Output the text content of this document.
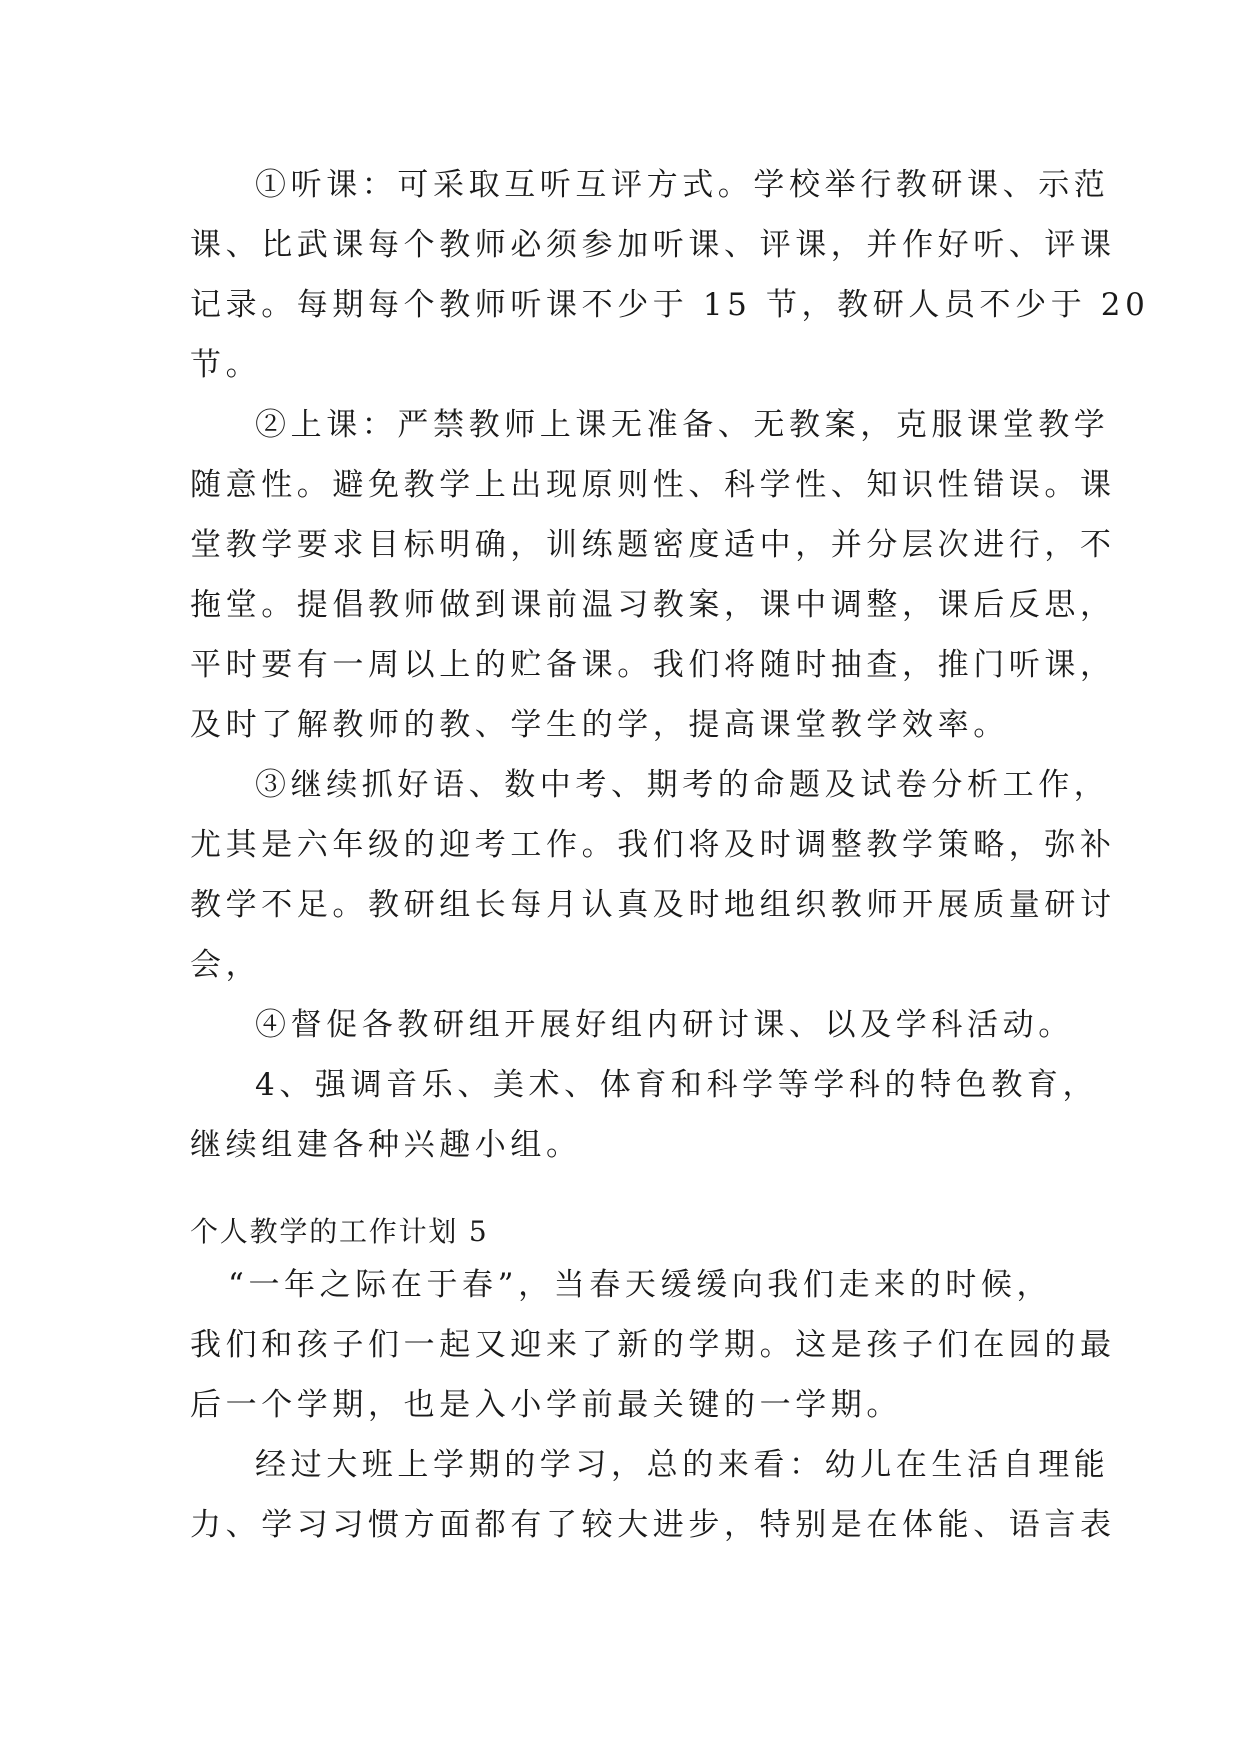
①听课：可采取互听互评方式。学校举行教研课、示范

课、比武课每个教师必须参加听课、评课，并作好听、评课

记录。每期每个教师听课不少于 15 节，教研人员不少于 20

节。

②上课：严禁教师上课无准备、无教案，克服课堂教学

随意性。避免教学上出现原则性、科学性、知识性错误。课

堂教学要求目标明确，训练题密度适中，并分层次进行，不

拖堂。提倡教师做到课前温习教案，课中调整，课后反思，

平时要有一周以上的贮备课。我们将随时抽查，推门听课，

及时了解教师的教、学生的学，提高课堂教学效率。

③继续抓好语、数中考、期考的命题及试卷分析工作，

尤其是六年级的迎考工作。我们将及时调整教学策略，弥补

教学不足。教研组长每月认真及时地组织教师开展质量研讨

会，

④督促各教研组开展好组内研讨课、以及学科活动。

4、强调音乐、美术、体育和科学等学科的特色教育，

继续组建各种兴趣小组。

个人教学的工作计划 5

“一年之际在于春”，当春天缓缓向我们走来的时候，

我们和孩子们一起又迎来了新的学期。这是孩子们在园的最

后一个学期，也是入小学前最关键的一学期。

经过大班上学期的学习，总的来看：幼儿在生活自理能

力、学习习惯方面都有了较大进步，特别是在体能、语言表
